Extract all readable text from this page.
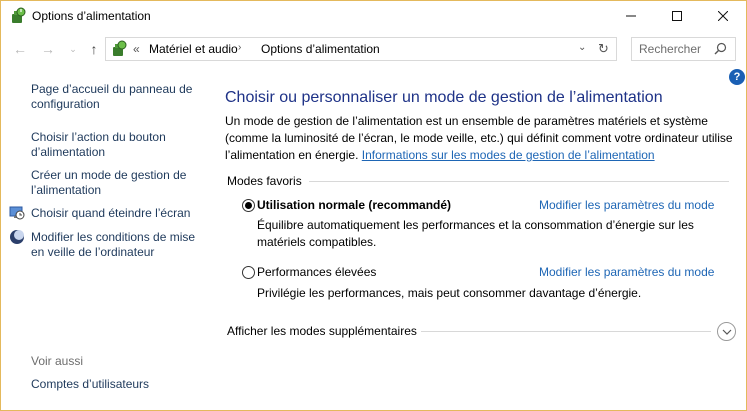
Options d’alimentation
← →	⌄ ↑	« Matériel et audio › Options d’alimentation	⌄ ↻	Rechercher
?
Page d’accueil du panneau de configuration
Choisir l’action du bouton d’alimentation
Créer un mode de gestion de l’alimentation
Choisir quand éteindre l’écran
Modifier les conditions de mise en veille de l’ordinateur
Voir aussi
Comptes d’utilisateurs
Choisir ou personnaliser un mode de gestion de l’alimentation
Un mode de gestion de l’alimentation est un ensemble de paramètres matériels et système (comme la luminosité de l’écran, le mode veille, etc.) qui définit comment votre ordinateur utilise l’alimentation en énergie. Informations sur les modes de gestion de l’alimentation
Modes favoris
Utilisation normale (recommandé)	Modifier les paramètres du mode
Équilibre automatiquement les performances et la consommation d’énergie sur les matériels compatibles.
Performances élevées	Modifier les paramètres du mode
Privilégie les performances, mais peut consommer davantage d’énergie.
Afficher les modes supplémentaires
